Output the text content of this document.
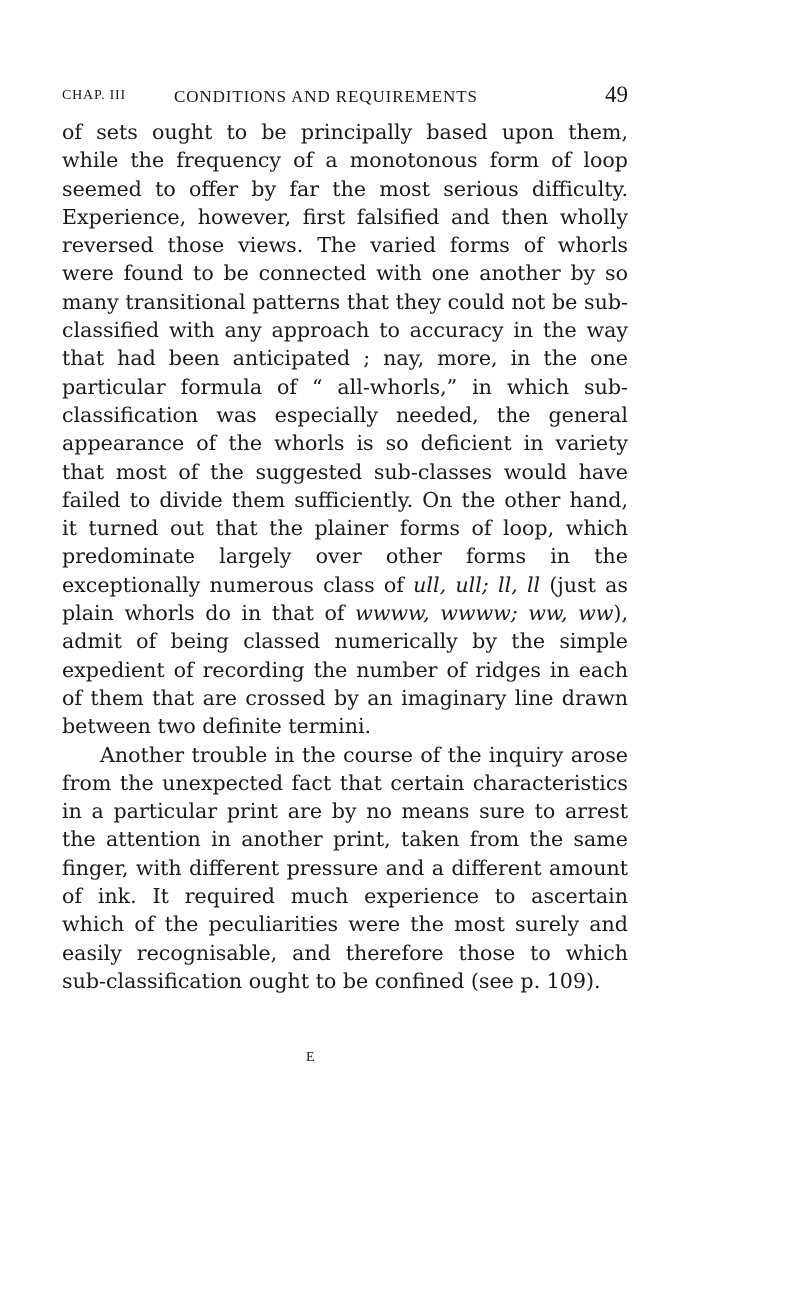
CHAP. III	CONDITIONS AND REQUIREMENTS	49

of sets ought to be principally based upon them, while the frequency of a monotonous form of loop seemed to offer by far the most serious difficulty. Experience, however, first falsified and then wholly reversed those views. The varied forms of whorls were found to be connected with one another by so many transitional patterns that they could not be sub-classified with any approach to accuracy in the way that had been anticipated ; nay, more, in the one particular formula of “ all-whorls,” in which sub-classification was especially needed, the general appearance of the whorls is so deficient in variety that most of the suggested sub-classes would have failed to divide them sufficiently. On the other hand, it turned out that the plainer forms of loop, which predominate largely over other forms in the exceptionally numerous class of ull, ull; ll, ll (just as plain whorls do in that of wwww, wwww; ww, ww), admit of being classed numerically by the simple expedient of recording the number of ridges in each of them that are crossed by an imaginary line drawn between two definite termini.

Another trouble in the course of the inquiry arose from the unexpected fact that certain characteristics in a particular print are by no means sure to arrest the attention in another print, taken from the same finger, with different pressure and a different amount of ink. It required much experience to ascertain which of the peculiarities were the most surely and easily recognisable, and therefore those to which sub-classification ought to be confined (see p. 109).

E
